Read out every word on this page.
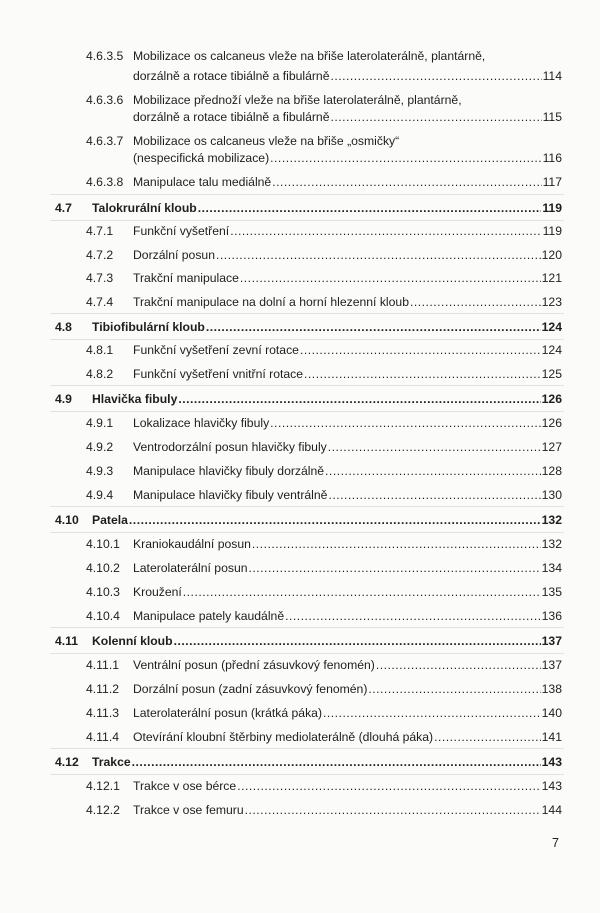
4.6.3.5 Mobilizace os calcaneus vleže na břiše laterolaterálně, plantárně,
dorzálně a rotace tibiálně a fibulárně .....	114
4.6.3.6 Mobilizace přednoží vleže na břiše laterolaterálně, plantárně,
dorzálně a rotace tibiálně a fibulárně .....	115
4.6.3.7 Mobilizace os calcaneus vleže na břiše „osmičky“
(nespecifická mobilizace) .....	116
4.6.3.8 Manipulace talu mediálně .....	117
4.7 Talokrurální kloub .....	119
4.7.1 Funkční vyšetření .....	119
4.7.2 Dorzální posun .....	120
4.7.3 Trakční manipulace .....	121
4.7.4 Trakční manipulace na dolní a horní hlezenní kloub .....	123
4.8 Tibiofibulární kloub .....	124
4.8.1 Funkční vyšetření zevní rotace .....	124
4.8.2 Funkční vyšetření vnitřní rotace .....	125
4.9 Hlavička fibuly .....	126
4.9.1 Lokalizace hlavičky fibuly .....	126
4.9.2 Ventrodorzální posun hlavičky fibuly .....	127
4.9.3 Manipulace hlavičky fibuly dorzálně .....	128
4.9.4 Manipulace hlavičky fibuly ventrálně .....	130
4.10 Patela .....	132
4.10.1 Kraniokaudální posun .....	132
4.10.2 Laterolaterální posun .....	134
4.10.3 Kroužení .....	135
4.10.4 Manipulace pately kaudálně .....	136
4.11 Kolenní kloub .....	137
4.11.1 Ventrální posun (přední zásuvkový fenomén) .....	137
4.11.2 Dorzální posun (zadní zásuvkový fenomén) .....	138
4.11.3 Laterolaterální posun (krátká páka) .....	140
4.11.4 Otevírání kloubní štěrbiny mediolaterálně (dlouhá páka) .....	141
4.12 Trakce .....	143
4.12.1 Trakce v ose bérce .....	143
4.12.2 Trakce v ose femuru .....	144
7
